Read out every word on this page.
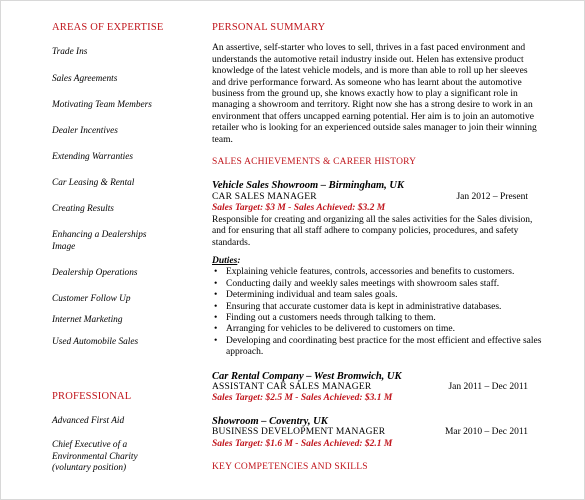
AREAS OF EXPERTISE

Trade Ins

Sales Agreements

Motivating Team Members

Dealer Incentives

Extending Warranties

Car Leasing & Rental

Creating Results

Enhancing a Dealerships Image

Dealership Operations

Customer Follow Up

Internet Marketing

Used Automobile Sales

PROFESSIONAL

Advanced First Aid

Chief Executive of a Environmental Charity (voluntary position)

PERSONAL SUMMARY

An assertive, self-starter who loves to sell, thrives in a fast paced environment and understands the automotive retail industry inside out. Helen has extensive product knowledge of the latest vehicle models, and is more than able to roll up her sleeves and drive performance forward. As someone who has learnt about the automotive business from the ground up, she knows exactly how to play a significant role in managing a showroom and territory. Right now she has a strong desire to work in an environment that offers uncapped earning potential. Her aim is to join an automotive retailer who is looking for an experienced outside sales manager to join their winning team.

SALES ACHIEVEMENTS & CAREER HISTORY

Vehicle Sales Showroom – Birmingham, UK

CAR SALES MANAGER	Jan 2012 – Present

Sales Target: $3 M - Sales Achieved: $3.2 M

Responsible for creating and organizing all the sales activities for the Sales division, and for ensuring that all staff adhere to company policies, procedures, and safety standards.

Duties:

• Explaining vehicle features, controls, accessories and benefits to customers.
• Conducting daily and weekly sales meetings with showroom sales staff.
• Determining individual and team sales goals.
• Ensuring that accurate customer data is kept in administrative databases.
• Finding out a customers needs through talking to them.
• Arranging for vehicles to be delivered to customers on time.
• Developing and coordinating best practice for the most efficient and effective sales approach.

Car Rental Company – West Bromwich, UK

ASSISTANT CAR SALES MANAGER	Jan 2011 – Dec 2011

Sales Target: $2.5 M - Sales Achieved: $3.1 M

Showroom – Coventry, UK

BUSINESS DEVELOPMENT MANAGER	Mar 2010 – Dec 2011

Sales Target: $1.6 M - Sales Achieved: $2.1 M

KEY COMPETENCIES AND SKILLS
